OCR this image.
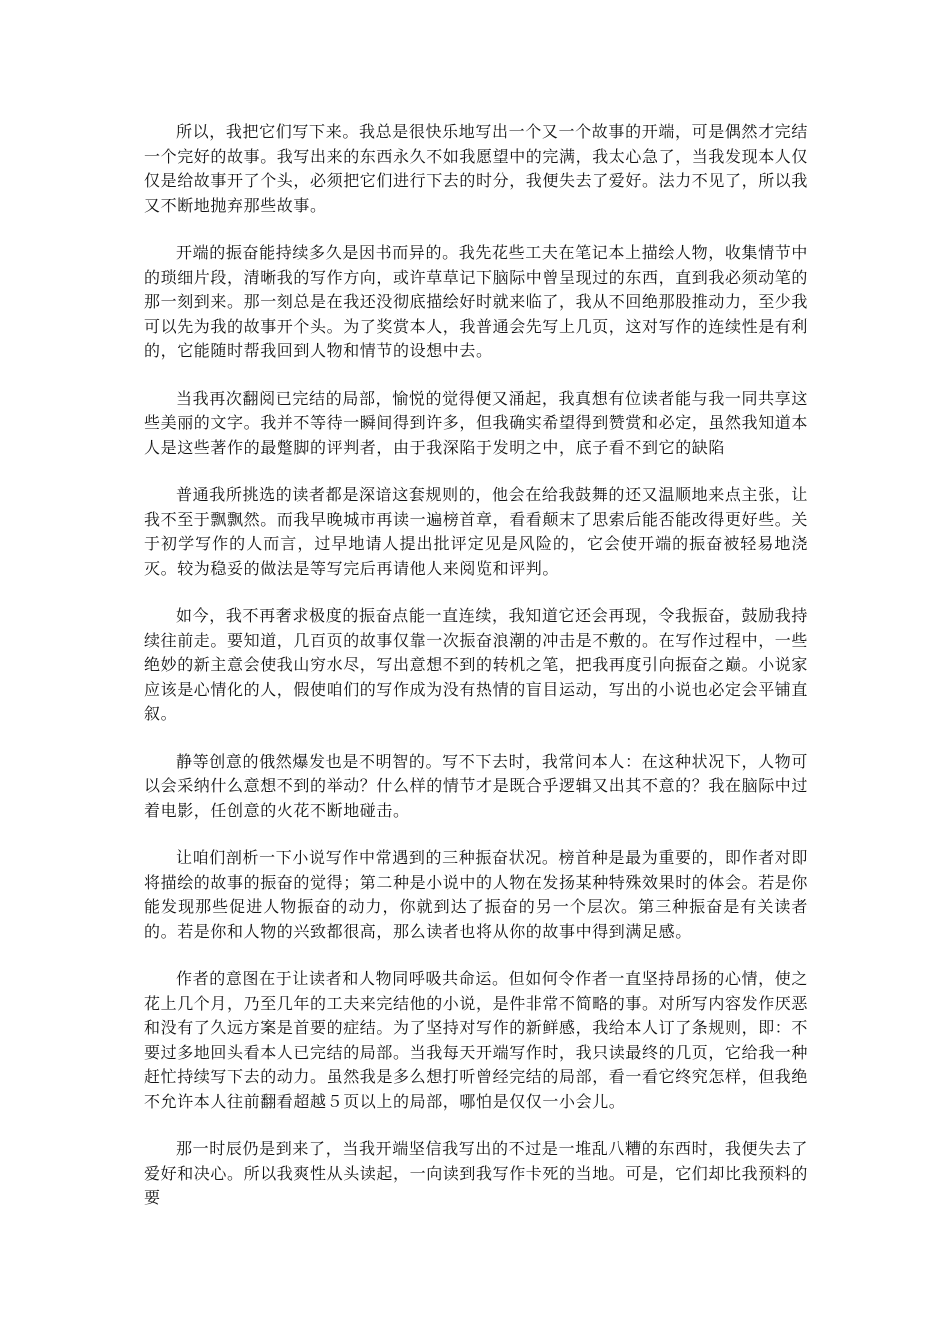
所以，我把它们写下来。我总是很快乐地写出一个又一个故事的开端，可是偶然才完结一个完好的故事。我写出来的东西永久不如我愿望中的完满，我太心急了，当我发现本人仅仅是给故事开了个头，必须把它们进行下去的时分，我便失去了爱好。法力不见了，所以我又不断地抛弃那些故事。

开端的振奋能持续多久是因书而异的。我先花些工夫在笔记本上描绘人物，收集情节中的琐细片段，清晰我的写作方向，或许草草记下脑际中曾呈现过的东西，直到我必须动笔的那一刻到来。那一刻总是在我还没彻底描绘好时就来临了，我从不回绝那股推动力，至少我可以先为我的故事开个头。为了奖赏本人，我普通会先写上几页，这对写作的连续性是有利的，它能随时帮我回到人物和情节的设想中去。

当我再次翻阅已完结的局部，愉悦的觉得便又涌起，我真想有位读者能与我一同共享这些美丽的文字。我并不等待一瞬间得到许多，但我确实希望得到赞赏和必定，虽然我知道本人是这些著作的最蹩脚的评判者，由于我深陷于发明之中，底子看不到它的缺陷

普通我所挑选的读者都是深谙这套规则的，他会在给我鼓舞的还又温顺地来点主张，让我不至于飘飘然。而我早晚城市再读一遍榜首章，看看颠末了思索后能否能改得更好些。关于初学写作的人而言，过早地请人提出批评定见是风险的，它会使开端的振奋被轻易地浇灭。较为稳妥的做法是等写完后再请他人来阅览和评判。

如今，我不再奢求极度的振奋点能一直连续，我知道它还会再现，令我振奋，鼓励我持续往前走。要知道，几百页的故事仅靠一次振奋浪潮的冲击是不敷的。在写作过程中，一些绝妙的新主意会使我山穷水尽，写出意想不到的转机之笔，把我再度引向振奋之巅。小说家应该是心情化的人，假使咱们的写作成为没有热情的盲目运动，写出的小说也必定会平铺直叙。

静等创意的俄然爆发也是不明智的。写不下去时，我常问本人：在这种状况下，人物可以会采纳什么意想不到的举动？什么样的情节才是既合乎逻辑又出其不意的？我在脑际中过着电影，任创意的火花不断地碰击。

让咱们剖析一下小说写作中常遇到的三种振奋状况。榜首种是最为重要的，即作者对即将描绘的故事的振奋的觉得；第二种是小说中的人物在发扬某种特殊效果时的体会。若是你能发现那些促进人物振奋的动力，你就到达了振奋的另一个层次。第三种振奋是有关读者的。若是你和人物的兴致都很高，那么读者也将从你的故事中得到满足感。

作者的意图在于让读者和人物同呼吸共命运。但如何令作者一直坚持昂扬的心情，使之花上几个月，乃至几年的工夫来完结他的小说，是件非常不简略的事。对所写内容发作厌恶和没有了久远方案是首要的症结。为了坚持对写作的新鲜感，我给本人订了条规则，即：不要过多地回头看本人已完结的局部。当我每天开端写作时，我只读最终的几页，它给我一种赶忙持续写下去的动力。虽然我是多么想打听曾经完结的局部，看一看它终究怎样，但我绝不允许本人往前翻看超越５页以上的局部，哪怕是仅仅一小会儿。

那一时辰仍是到来了，当我开端坚信我写出的不过是一堆乱八糟的东西时，我便失去了爱好和决心。所以我爽性从头读起，一向读到我写作卡死的当地。可是，它们却比我预料的要
